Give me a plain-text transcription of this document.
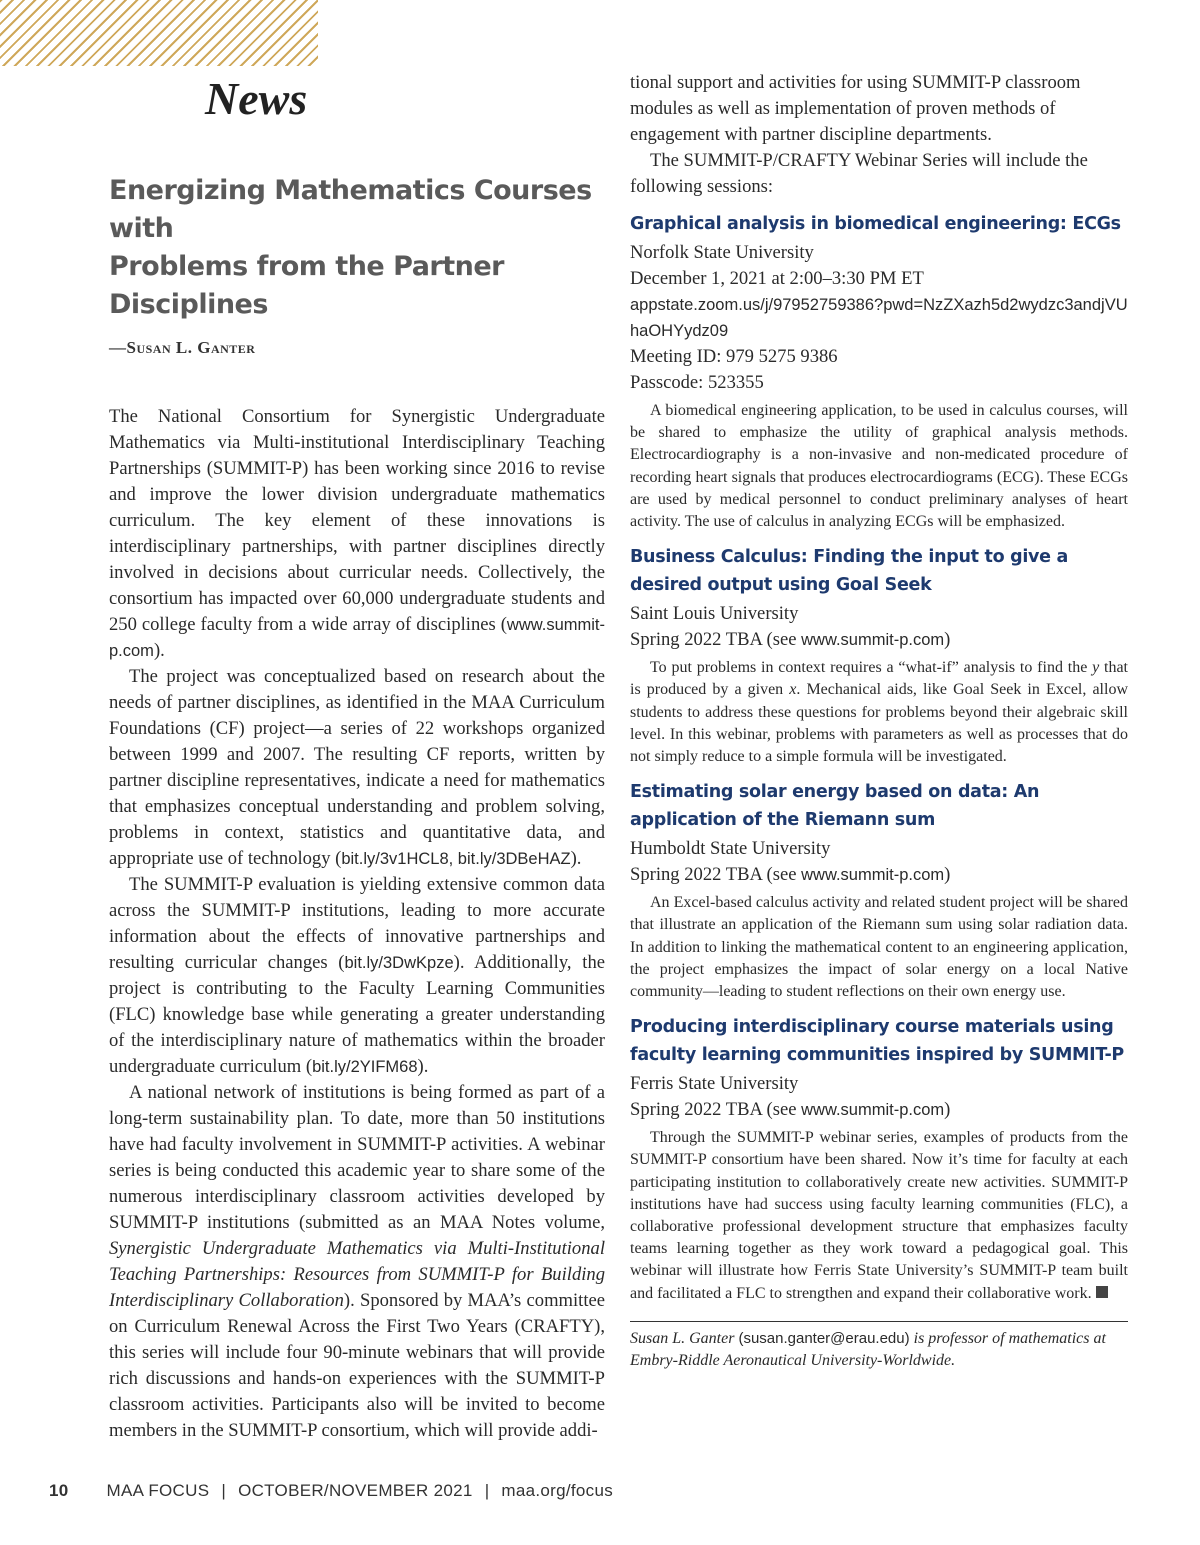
News
Energizing Mathematics Courses with
Problems from the Partner Disciplines
—Susan L. Ganter

The National Consortium for Synergistic Undergraduate Mathematics via Multi-institutional Interdisciplinary Teaching Partnerships (SUMMIT-P) has been working since 2016 to revise and improve the lower division undergraduate mathematics curriculum. The key element of these innovations is interdisciplinary partnerships, with partner disciplines directly involved in decisions about curricular needs. Collectively, the consortium has impacted over 60,000 undergraduate students and 250 college faculty from a wide array of disciplines (www.summit-p.com).

The project was conceptualized based on research about the needs of partner disciplines, as identified in the MAA Curriculum Foundations (CF) project—a series of 22 workshops organized between 1999 and 2007. The resulting CF reports, written by partner discipline representatives, indicate a need for mathematics that emphasizes conceptual understanding and problem solving, problems in context, statistics and quantitative data, and appropriate use of technology (bit.ly/3v1HCL8, bit.ly/3DBeHAZ).

The SUMMIT-P evaluation is yielding extensive common data across the SUMMIT-P institutions, leading to more accurate information about the effects of innovative partnerships and resulting curricular changes (bit.ly/3DwKpze). Additionally, the project is contributing to the Faculty Learning Communities (FLC) knowledge base while generating a greater understanding of the interdisciplinary nature of mathematics within the broader undergraduate curriculum (bit.ly/2YIFM68).

A national network of institutions is being formed as part of a long-term sustainability plan. To date, more than 50 institutions have had faculty involvement in SUMMIT-P activities. A webinar series is being conducted this academic year to share some of the numerous interdisciplinary classroom activities developed by SUMMIT-P institutions (submitted as an MAA Notes volume, Synergistic Undergraduate Mathematics via Multi-Institutional Teaching Partnerships: Resources from SUMMIT-P for Building Interdisciplinary Collaboration). Sponsored by MAA’s committee on Curriculum Renewal Across the First Two Years (CRAFTY), this series will include four 90-minute webinars that will provide rich discussions and hands-on experiences with the SUMMIT-P classroom activities. Participants also will be invited to become members in the SUMMIT-P consortium, which will provide addi-

tional support and activities for using SUMMIT-P classroom modules as well as implementation of proven methods of engagement with partner discipline departments.

The SUMMIT-P/CRAFTY Webinar Series will include the following sessions:

Graphical analysis in biomedical engineering: ECGs

Norfolk State University

December 1, 2021 at 2:00–3:30 PM ET

appstate.zoom.us/j/97952759386?pwd=NzZXazh5d2wydzc3andjVUhaOHYydz09

Meeting ID: 979 5275 9386

Passcode: 523355

A biomedical engineering application, to be used in calculus courses, will be shared to emphasize the utility of graphical analysis methods. Electrocardiography is a non-invasive and non-medicated procedure of recording heart signals that produces electrocardiograms (ECG). These ECGs are used by medical personnel to conduct preliminary analyses of heart activity. The use of calculus in analyzing ECGs will be emphasized.

Business Calculus: Finding the input to give a desired output using Goal Seek

Saint Louis University

Spring 2022 TBA (see www.summit-p.com)

To put problems in context requires a “what-if” analysis to find the y that is produced by a given x. Mechanical aids, like Goal Seek in Excel, allow students to address these questions for problems beyond their algebraic skill level. In this webinar, problems with parameters as well as processes that do not simply reduce to a simple formula will be investigated.

Estimating solar energy based on data: An application of the Riemann sum

Humboldt State University

Spring 2022 TBA (see www.summit-p.com)

An Excel-based calculus activity and related student project will be shared that illustrate an application of the Riemann sum using solar radiation data. In addition to linking the mathematical content to an engineering application, the project emphasizes the impact of solar energy on a local Native community—leading to student reflections on their own energy use.

Producing interdisciplinary course materials using faculty learning communities inspired by SUMMIT-P

Ferris State University

Spring 2022 TBA (see www.summit-p.com)

Through the SUMMIT-P webinar series, examples of products from the SUMMIT-P consortium have been shared. Now it’s time for faculty at each participating institution to collaboratively create new activities. SUMMIT-P institutions have had success using faculty learning communities (FLC), a collaborative professional development structure that emphasizes faculty teams learning together as they work toward a pedagogical goal. This webinar will illustrate how Ferris State University’s SUMMIT-P team built and facilitated a FLC to strengthen and expand their collaborative work.

Susan L. Ganter (susan.ganter@erau.edu) is professor of mathematics at Embry-Riddle Aeronautical University-Worldwide.
10 MAA FOCUS | OCTOBER/NOVEMBER 2021 | maa.org/focus
